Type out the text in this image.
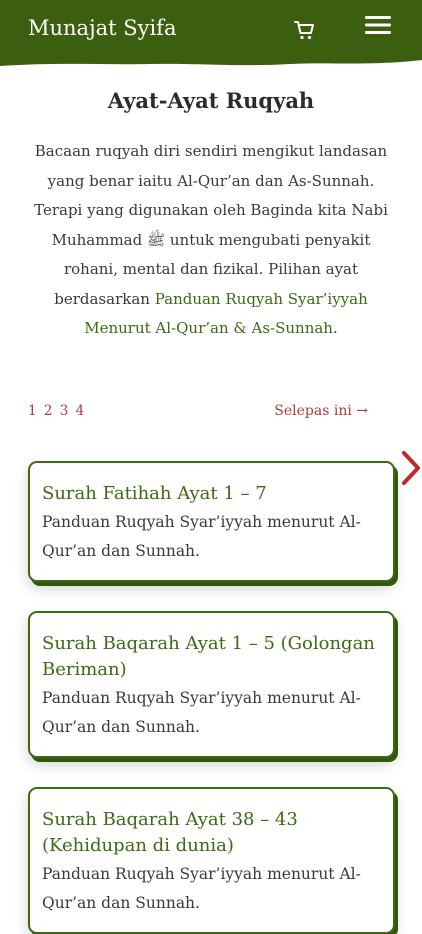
Munajat Syifa
Ayat-Ayat Ruqyah

Bacaan ruqyah diri sendiri mengikut landasan yang benar iaitu Al-Qur’an dan As-Sunnah. Terapi yang digunakan oleh Baginda kita Nabi Muhammad ﷺ untuk mengubati penyakit rohani, mental dan fizikal. Pilihan ayat berdasarkan Panduan Ruqyah Syar’iyyah Menurut Al-Qur’an & As-Sunnah.

1 2 3 4	Selepas ini →
Surah Fatihah Ayat 1 – 7
Panduan Ruqyah Syar’iyyah menurut Al-Qur’an dan Sunnah.
Surah Baqarah Ayat 1 – 5 (Golongan Beriman)
Panduan Ruqyah Syar’iyyah menurut Al-Qur’an dan Sunnah.
Surah Baqarah Ayat 38 – 43 (Kehidupan di dunia)
Panduan Ruqyah Syar’iyyah menurut Al-Qur’an dan Sunnah.
